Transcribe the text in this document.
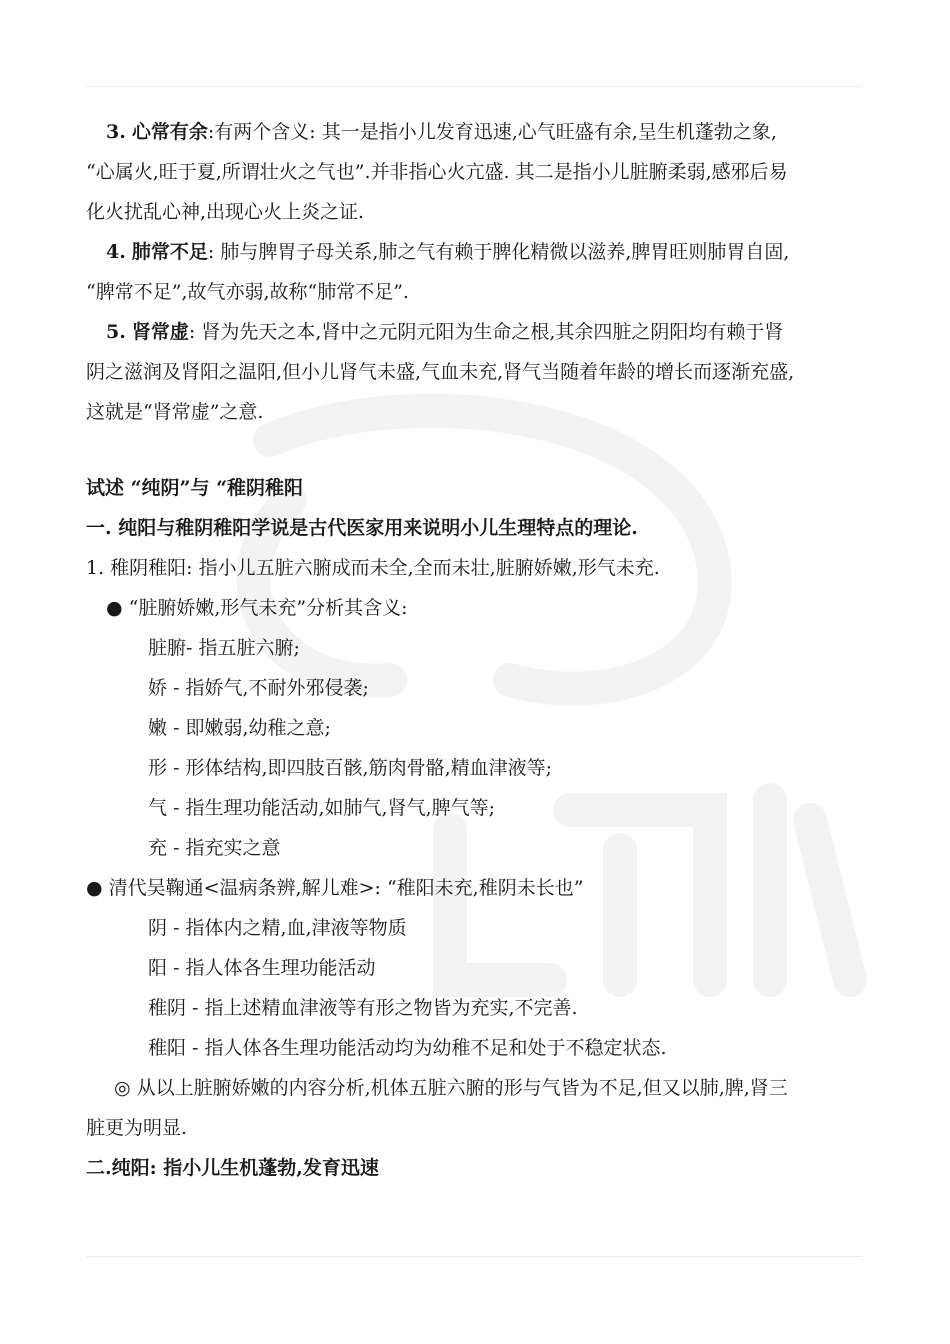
3. 心常有余:有两个含义: 其一是指小儿发育迅速,心气旺盛有余,呈生机蓬勃之象,
“心属火,旺于夏,所谓壮火之气也”.并非指心火亢盛. 其二是指小儿脏腑柔弱,感邪后易
化火扰乱心神,出现心火上炎之证.
4. 肺常不足: 肺与脾胃子母关系,肺之气有赖于脾化精微以滋养,脾胃旺则肺胃自固,
“脾常不足”,故气亦弱,故称“肺常不足”.
5. 肾常虚: 肾为先天之本,肾中之元阴元阳为生命之根,其余四脏之阴阳均有赖于肾
阴之滋润及肾阳之温阳,但小儿肾气未盛,气血未充,肾气当随着年龄的增长而逐渐充盛,
这就是“肾常虚”之意.
试述 “纯阴”与 “稚阴稚阳
一. 纯阳与稚阴稚阳学说是古代医家用来说明小儿生理特点的理论.
1. 稚阴稚阳: 指小儿五脏六腑成而未全,全而未壮,脏腑娇嫩,形气未充.
● “脏腑娇嫩,形气未充”分析其含义:
脏腑- 指五脏六腑;
娇 - 指娇气,不耐外邪侵袭;
嫩 - 即嫩弱,幼稚之意;
形 - 形体结构,即四肢百骸,筋肉骨骼,精血津液等;
气 - 指生理功能活动,如肺气,肾气,脾气等;
充 - 指充实之意
● 清代吴鞠通<温病条辨,解儿难>: “稚阳未充,稚阴未长也”
阴 - 指体内之精,血,津液等物质
阳 - 指人体各生理功能活动
稚阴 - 指上述精血津液等有形之物皆为充实,不完善.
稚阳 - 指人体各生理功能活动均为幼稚不足和处于不稳定状态.
◎ 从以上脏腑娇嫩的内容分析,机体五脏六腑的形与气皆为不足,但又以肺,脾,肾三
脏更为明显.
二.纯阳: 指小儿生机蓬勃,发育迅速
